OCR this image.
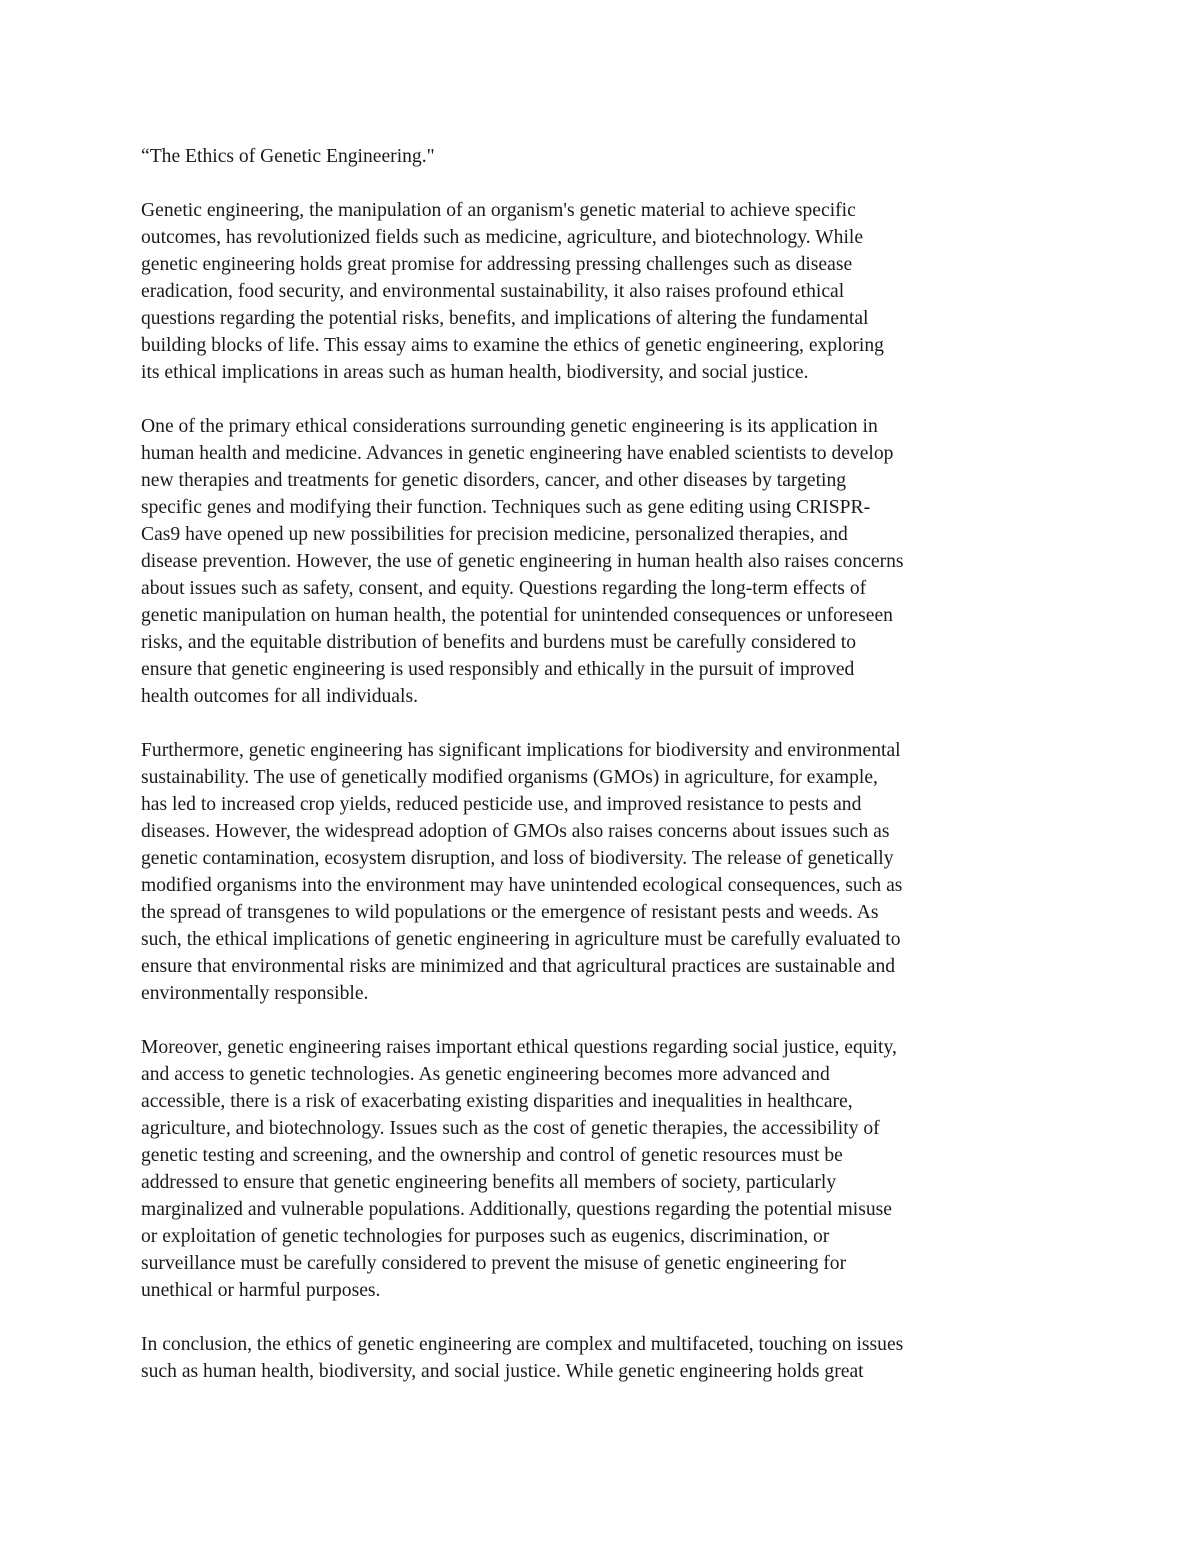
“The Ethics of Genetic Engineering."
Genetic engineering, the manipulation of an organism's genetic material to achieve specific
outcomes, has revolutionized fields such as medicine, agriculture, and biotechnology. While
genetic engineering holds great promise for addressing pressing challenges such as disease
eradication, food security, and environmental sustainability, it also raises profound ethical
questions regarding the potential risks, benefits, and implications of altering the fundamental
building blocks of life. This essay aims to examine the ethics of genetic engineering, exploring
its ethical implications in areas such as human health, biodiversity, and social justice.
One of the primary ethical considerations surrounding genetic engineering is its application in
human health and medicine. Advances in genetic engineering have enabled scientists to develop
new therapies and treatments for genetic disorders, cancer, and other diseases by targeting
specific genes and modifying their function. Techniques such as gene editing using CRISPR-
Cas9 have opened up new possibilities for precision medicine, personalized therapies, and
disease prevention. However, the use of genetic engineering in human health also raises concerns
about issues such as safety, consent, and equity. Questions regarding the long-term effects of
genetic manipulation on human health, the potential for unintended consequences or unforeseen
risks, and the equitable distribution of benefits and burdens must be carefully considered to
ensure that genetic engineering is used responsibly and ethically in the pursuit of improved
health outcomes for all individuals.
Furthermore, genetic engineering has significant implications for biodiversity and environmental
sustainability. The use of genetically modified organisms (GMOs) in agriculture, for example,
has led to increased crop yields, reduced pesticide use, and improved resistance to pests and
diseases. However, the widespread adoption of GMOs also raises concerns about issues such as
genetic contamination, ecosystem disruption, and loss of biodiversity. The release of genetically
modified organisms into the environment may have unintended ecological consequences, such as
the spread of transgenes to wild populations or the emergence of resistant pests and weeds. As
such, the ethical implications of genetic engineering in agriculture must be carefully evaluated to
ensure that environmental risks are minimized and that agricultural practices are sustainable and
environmentally responsible.
Moreover, genetic engineering raises important ethical questions regarding social justice, equity,
and access to genetic technologies. As genetic engineering becomes more advanced and
accessible, there is a risk of exacerbating existing disparities and inequalities in healthcare,
agriculture, and biotechnology. Issues such as the cost of genetic therapies, the accessibility of
genetic testing and screening, and the ownership and control of genetic resources must be
addressed to ensure that genetic engineering benefits all members of society, particularly
marginalized and vulnerable populations. Additionally, questions regarding the potential misuse
or exploitation of genetic technologies for purposes such as eugenics, discrimination, or
surveillance must be carefully considered to prevent the misuse of genetic engineering for
unethical or harmful purposes.
In conclusion, the ethics of genetic engineering are complex and multifaceted, touching on issues
such as human health, biodiversity, and social justice. While genetic engineering holds great
